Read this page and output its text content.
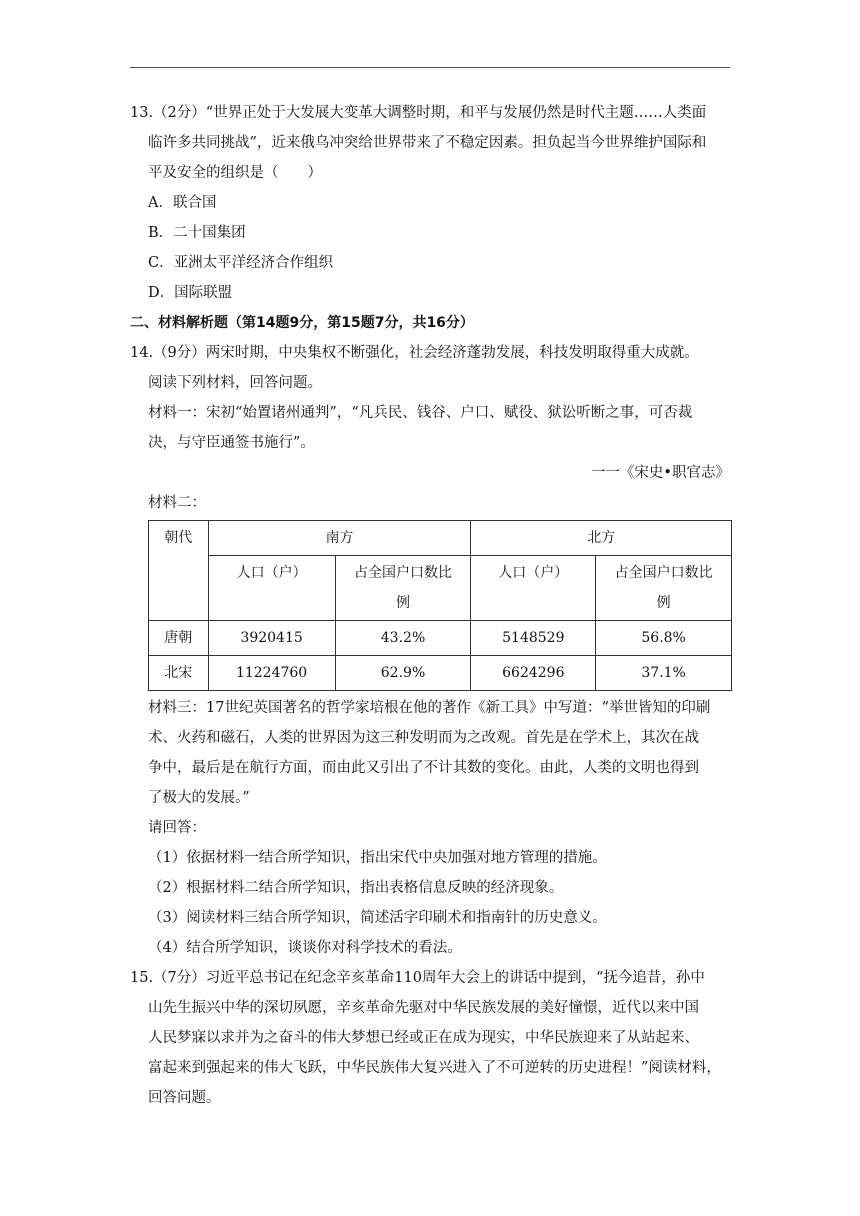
13.（2分）“世界正处于大发展大变革大调整时期，和平与发展仍然是时代主题……人类面

临许多共同挑战”，近来俄乌冲突给世界带来了不稳定因素。担负起当今世界维护国际和

平及安全的组织是（　　）

A．联合国

B．二十国集团

C．亚洲太平洋经济合作组织

D．国际联盟

二、材料解析题（第14题9分，第15题7分，共16分）

14.（9分）两宋时期，中央集权不断强化，社会经济蓬勃发展，科技发明取得重大成就。

阅读下列材料，回答问题。

材料一：宋初“始置诸州通判”，“凡兵民、钱谷、户口、赋役、狱讼听断之事，可否裁

决，与守臣通签书施行”。

一一《宋史•职官志》

材料二：

朝代	南方		北方	
	人口（户）	占全国户口数比例	人口（户）	占全国户口数比例
唐朝	3920415	43.2%	5148529	56.8%
北宋	11224760	62.9%	6624296	37.1%

材料三：17世纪英国著名的哲学家培根在他的著作《新工具》中写道：“举世皆知的印刷

术、火药和磁石，人类的世界因为这三种发明而为之改观。首先是在学术上，其次在战

争中，最后是在航行方面，而由此又引出了不计其数的变化。由此，人类的文明也得到

了极大的发展。”

请回答：

（1）依据材料一结合所学知识，指出宋代中央加强对地方管理的措施。

（2）根据材料二结合所学知识，指出表格信息反映的经济现象。

（3）阅读材料三结合所学知识，简述活字印刷术和指南针的历史意义。

（4）结合所学知识，谈谈你对科学技术的看法。

15.（7分）习近平总书记在纪念辛亥革命110周年大会上的讲话中提到，“抚今追昔，孙中

山先生振兴中华的深切夙愿，辛亥革命先驱对中华民族发展的美好憧憬，近代以来中国

人民梦寐以求并为之奋斗的伟大梦想已经或正在成为现实，中华民族迎来了从站起来、

富起来到强起来的伟大飞跃，中华民族伟大复兴进入了不可逆转的历史进程！”阅读材料，

回答问题。
